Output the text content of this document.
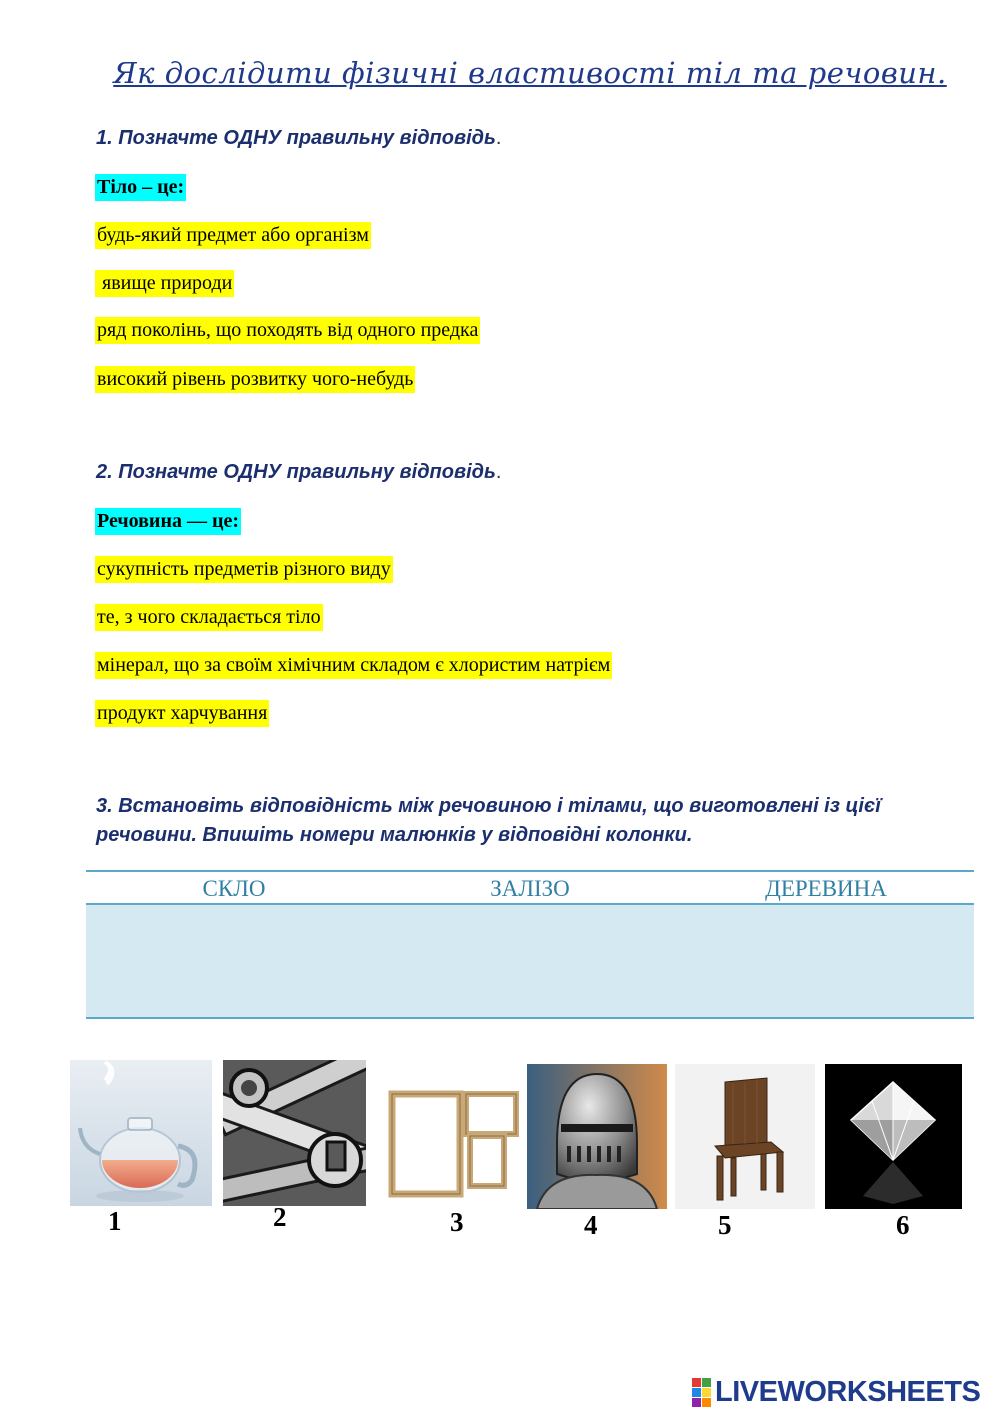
Як дослідити фізичні властивості тіл та речовин.
1. Позначте ОДНУ правильну відповідь.
Тіло – це:
будь-який предмет або організм
явище природи
ряд поколінь, що походять від одного предка
високий рівень розвитку чого-небудь
2. Позначте ОДНУ правильну відповідь.
Речовина — це:
сукупність предметів різного виду
те, з чого складається тіло
мінерал, що за своїм хімічним складом є хлористим натрієм
продукт харчування
3. Встановіть відповідність між речовиною і тілами, що виготовлені із цієї речовини. Впишіть номери малюнків у відповідні колонки.
СКЛО	ЗАЛІЗО	ДЕРЕВИНА
1	2	3	4	5	6
LIVEWORKSHEETS
